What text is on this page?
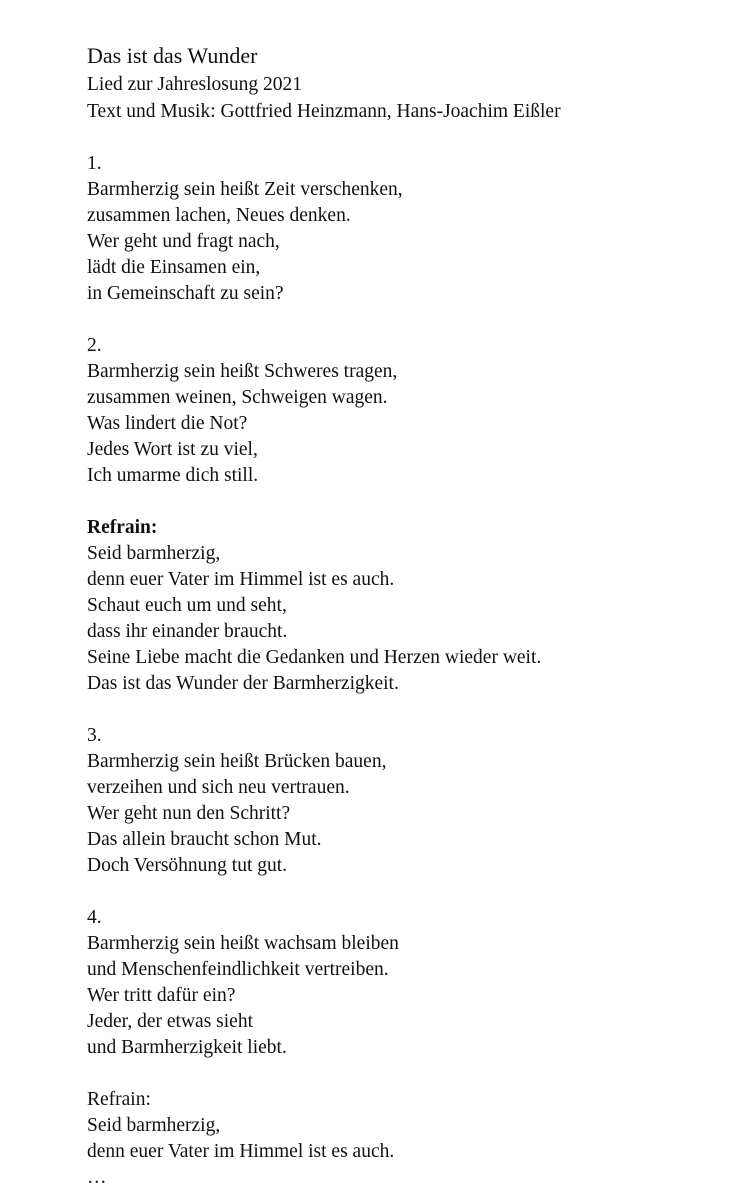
Das ist das Wunder

Lied zur Jahreslosung 2021

Text und Musik: Gottfried Heinzmann, Hans-Joachim Eißler

1.

Barmherzig sein heißt Zeit verschenken,

zusammen lachen, Neues denken.

Wer geht und fragt nach,

lädt die Einsamen ein,

in Gemeinschaft zu sein?

2.

Barmherzig sein heißt Schweres tragen,

zusammen weinen, Schweigen wagen.

Was lindert die Not?

Jedes Wort ist zu viel,

Ich umarme dich still.

Refrain:

Seid barmherzig,

denn euer Vater im Himmel ist es auch.

Schaut euch um und seht,

dass ihr einander braucht.

Seine Liebe macht die Gedanken und Herzen wieder weit.

Das ist das Wunder der Barmherzigkeit.

3.

Barmherzig sein heißt Brücken bauen,

verzeihen und sich neu vertrauen.

Wer geht nun den Schritt?

Das allein braucht schon Mut.

Doch Versöhnung tut gut.

4.

Barmherzig sein heißt wachsam bleiben

und Menschenfeindlichkeit vertreiben.

Wer tritt dafür ein?

Jeder, der etwas sieht

und Barmherzigkeit liebt.

Refrain:

Seid barmherzig,

denn euer Vater im Himmel ist es auch.

…
